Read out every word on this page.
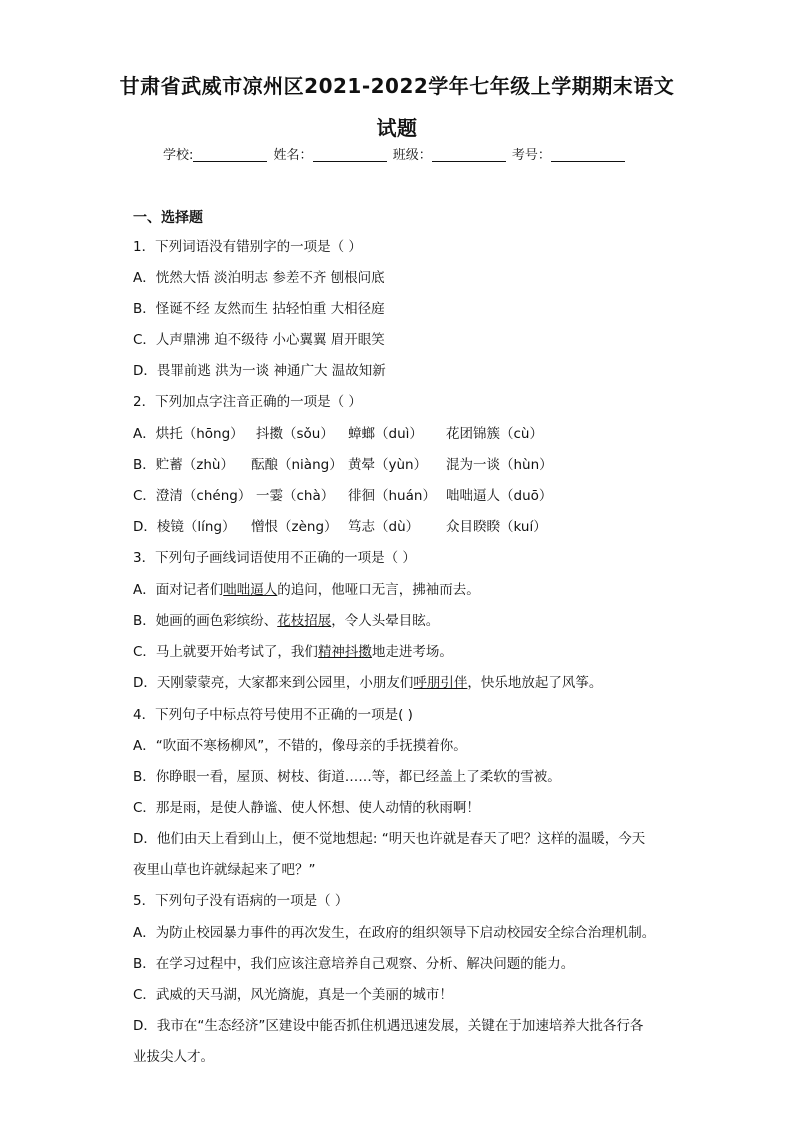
甘肃省武威市凉州区2021-2022学年七年级上学期期末语文
试题
学校:	姓名：	班级：	考号：
一、选择题
1．下列词语没有错别字的一项是（ ）
A．恍然大悟 淡泊明志 参差不齐 刨根问底
B．怪诞不经 友然而生 拈轻怕重 大相径庭
C．人声鼎沸 迫不级待 小心翼翼 眉开眼笑
D．畏罪前逃 洪为一谈 神通广大 温故知新
2．下列加点字注音正确的一项是（ ）
A．烘托（hōng） 抖擞（sǒu） 蟑螂（duì） 花团锦簇（cù）
B．贮蓄（zhù） 酝酿（niàng） 黄晕（yùn） 混为一谈（hùn）
C．澄清（chéng） 一霎（chà） 徘徊（huán） 咄咄逼人（duō）
D．棱镜（líng） 憎恨（zèng） 笃志（dù） 众目睽睽（kuí）
3．下列句子画线词语使用不正确的一项是（ ）
A．面对记者们咄咄逼人的追问，他哑口无言，拂袖而去。
B．她画的画色彩缤纷、花枝招展，令人头晕目眩。
C．马上就要开始考试了，我们精神抖擞地走进考场。
D．天刚蒙蒙亮，大家都来到公园里，小朋友们呼朋引伴，快乐地放起了风筝。
4．下列句子中标点符号使用不正确的一项是( )
A．“吹面不寒杨柳风”，不错的，像母亲的手抚摸着你。
B．你睁眼一看，屋顶、树枝、街道……等，都已经盖上了柔软的雪被。
C．那是雨，是使人静谧、使人怀想、使人动情的秋雨啊！
D．他们由天上看到山上，便不觉地想起: “明天也许就是春天了吧？这样的温暖，今天
夜里山草也许就绿起来了吧？”
5．下列句子没有语病的一项是（ ）
A．为防止校园暴力事件的再次发生，在政府的组织领导下启动校园安全综合治理机制。
B．在学习过程中，我们应该注意培养自己观察、分析、解决问题的能力。
C．武威的天马湖，风光旖旎，真是一个美丽的城市！
D．我市在“生态经济”区建设中能否抓住机遇迅速发展，关键在于加速培养大批各行各
业拔尖人才。
